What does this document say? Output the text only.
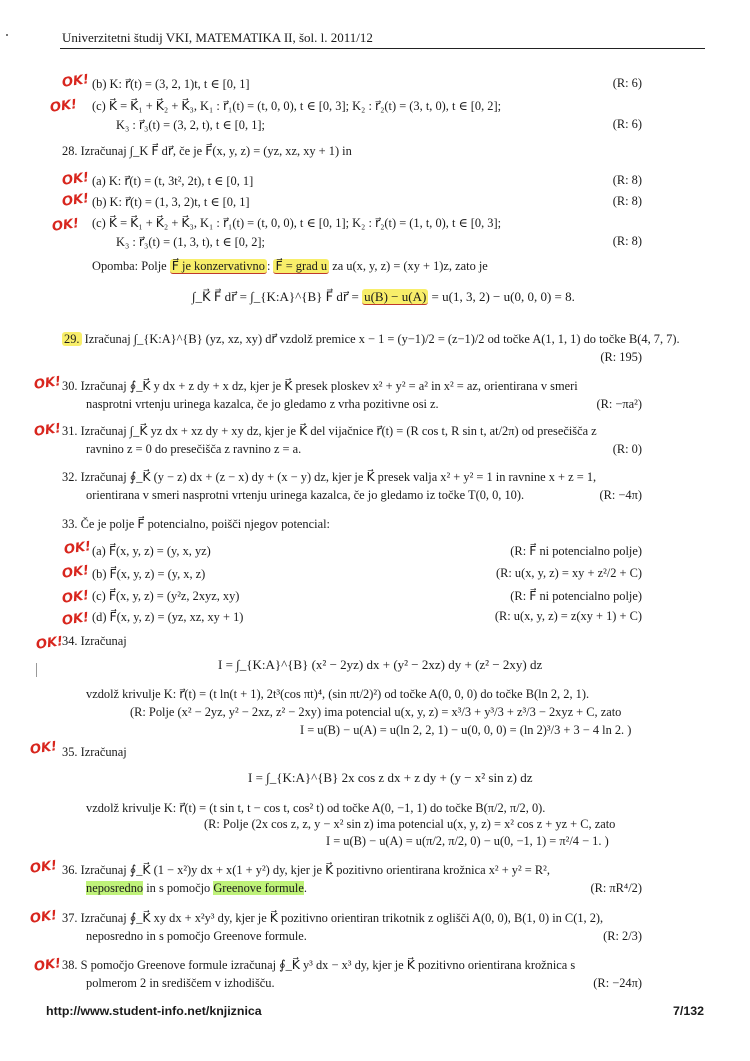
Univerzitetni študij VKI, MATEMATIKA II, šol. l. 2011/12
OK!
OK!
OK!
OK!
OK!
OK!
OK!
OK!
OK!
OK!
OK!
OK!
OK!
OK!
OK!
OK!
(b) K: r⃗(t) = (3, 2, 1)t, t ∈ [0, 1]	(R: 6)
(c) K⃗ = K⃗₁ + K⃗₂ + K⃗₃, K₁ : r⃗₁(t) = (t, 0, 0), t ∈ [0, 3]; K₂ : r⃗₂(t) = (3, t, 0), t ∈ [0, 2];
K₃ : r⃗₃(t) = (3, 2, t), t ∈ [0, 1];	(R: 6)
28. Izračunaj ∫_K F⃗ dr⃗, če je F⃗(x, y, z) = (yz, xz, xy + 1) in
(a) K: r⃗(t) = (t, 3t², 2t), t ∈ [0, 1]	(R: 8)
(b) K: r⃗(t) = (1, 3, 2)t, t ∈ [0, 1]	(R: 8)
(c) K⃗ = K⃗₁ + K⃗₂ + K⃗₃, K₁ : r⃗₁(t) = (t, 0, 0), t ∈ [0, 1]; K₂ : r⃗₂(t) = (1, t, 0), t ∈ [0, 3];
K₃ : r⃗₃(t) = (1, 3, t), t ∈ [0, 2];	(R: 8)
Opomba: Polje F⃗ je konzervativno : F⃗ = grad u za u(x, y, z) = (xy + 1)z, zato je
∫_K⃗ F⃗ dr⃗ = ∫_{K:A}^{B} F⃗ dr⃗ = u(B) − u(A) = u(1, 3, 2) − u(0, 0, 0) = 8.
29. Izračunaj ∫_{K:A}^{B} (yz, xz, xy) dr⃗ vzdolž premice x − 1 = (y−1)/2 = (z−1)/2 od točke A(1, 1, 1) do točke B(4, 7, 7).
(R: 195)
30. Izračunaj ∮_K⃗ y dx + z dy + x dz, kjer je K⃗ presek ploskev x² + y² = a² in x² = az, orientirana v smeri
nasprotni vrtenju urinega kazalca, če jo gledamo z vrha pozitivne osi z.	(R: −πa²)
31. Izračunaj ∫_K⃗ yz dx + xz dy + xy dz, kjer je K⃗ del vijačnice r⃗(t) = (R cos t, R sin t, at/2π) od presečišča z
ravnino z = 0 do presečišča z ravnino z = a.	(R: 0)
32. Izračunaj ∮_K⃗ (y − z) dx + (z − x) dy + (x − y) dz, kjer je K⃗ presek valja x² + y² = 1 in ravnine x + z = 1,
orientirana v smeri nasprotni vrtenju urinega kazalca, če jo gledamo iz točke T(0, 0, 10).	(R: −4π)
33. Če je polje F⃗ potencialno, poišči njegov potencial:
(a) F⃗(x, y, z) = (y, x, yz)	(R: F⃗ ni potencialno polje)
(b) F⃗(x, y, z) = (y, x, z)	(R: u(x, y, z) = xy + z²/2 + C)
(c) F⃗(x, y, z) = (y²z, 2xyz, xy)	(R: F⃗ ni potencialno polje)
(d) F⃗(x, y, z) = (yz, xz, xy + 1)	(R: u(x, y, z) = z(xy + 1) + C)
34. Izračunaj
I = ∫_{K:A}^{B} (x² − 2yz) dx + (y² − 2xz) dy + (z² − 2xy) dz
vzdolž krivulje K: r⃗(t) = (t ln(t + 1), 2t³(cos πt)⁴, (sin πt/2)²) od točke A(0, 0, 0) do točke B(ln 2, 2, 1).
(R: Polje (x² − 2yz, y² − 2xz, z² − 2xy) ima potencial u(x, y, z) = x³/3 + y³/3 + z³/3 − 2xyz + C, zato
I = u(B) − u(A) = u(ln 2, 2, 1) − u(0, 0, 0) = (ln 2)³/3 + 3 − 4 ln 2. )
35. Izračunaj
I = ∫_{K:A}^{B} 2x cos z dx + z dy + (y − x² sin z) dz
vzdolž krivulje K: r⃗(t) = (t sin t, t − cos t, cos² t) od točke A(0, −1, 1) do točke B(π/2, π/2, 0).
(R: Polje (2x cos z, z, y − x² sin z) ima potencial u(x, y, z) = x² cos z + yz + C, zato
I = u(B) − u(A) = u(π/2, π/2, 0) − u(0, −1, 1) = π²/4 − 1. )
36. Izračunaj ∮_K⃗ (1 − x²)y dx + x(1 + y²) dy, kjer je K⃗ pozitivno orientirana krožnica x² + y² = R²,
neposredno in s pomočjo Greenove formule.	(R: πR⁴/2)
37. Izračunaj ∮_K⃗ xy dx + x²y³ dy, kjer je K⃗ pozitivno orientiran trikotnik z oglišči A(0, 0), B(1, 0) in C(1, 2),
neposredno in s pomočjo Greenove formule.	(R: 2/3)
38. S pomočjo Greenove formule izračunaj ∮_K⃗ y³ dx − x³ dy, kjer je K⃗ pozitivno orientirana krožnica s
polmerom 2 in središčem v izhodišču.	(R: −24π)
http://www.student-info.net/knjiznica	7/132
